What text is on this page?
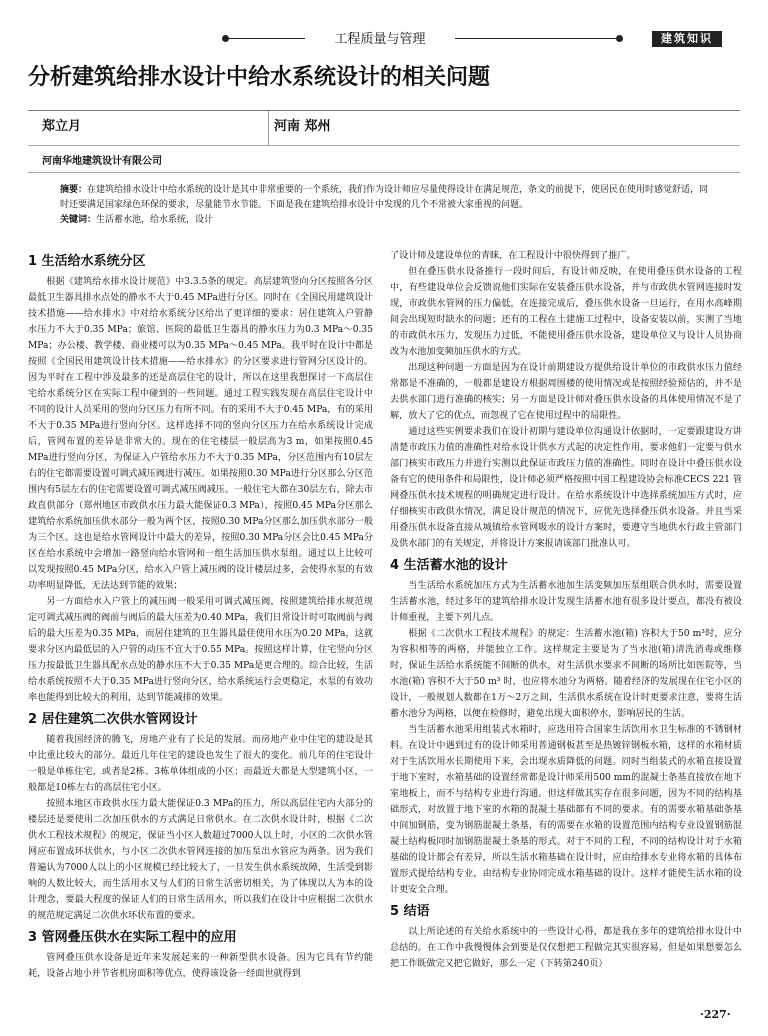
工程质量与管理	建筑知识
分析建筑给排水设计中给水系统设计的相关问题
郑立月	河南 郑州
河南华地建筑设计有限公司
摘要：在建筑给排水设计中给水系统的设计是其中非常重要的一个系统，我们作为设计师应尽量使得设计在满足规范，条文的前提下，使居民在使用时感觉舒适，同时还要满足国家绿色环保的要求，尽量能节水节能。下面是我在建筑给排水设计中发现的几个不常被大家重视的问题。
关键词：生活蓄水池，给水系统，设计
1 生活给水系统分区

根据《建筑给水排水设计规范》中3.3.5条的规定。高层建筑竖向分区按照各分区最低卫生器具排水点处的静水不大于0.45 MPa进行分区。同时在《全国民用建筑设计技术措施——给水排水》中对给水系统分区给出了更详细的要求：居住建筑入户管静水压力不大于0.35 MPa；旅馆、医院的最低卫生器具的静水压力为0.3 MPa～0.35 MPa；办公楼、教学楼、商业楼可以为0.35 MPa～0.45 MPa。我平时在设计中都是按照《全国民用建筑设计技术措施——给水排水》的分区要求进行管网分区设计的。因为平时在工程中涉及最多的还是高层住宅的设计，所以在这里我想探讨一下高层住宅给水系统分区在实际工程中碰到的一些问题。通过工程实践发现在高层住宅设计中不同的设计人员采用的竖向分区压力有所不同。有的采用不大于0.45 MPa，有的采用不大于0.35 MPa进行竖向分区。这样选择不同的竖向分区压力在给水系统设计完成后，管网布置的差异是非常大的。现在的住宅楼层一般层高为3 m，如果按照0.45 MPa进行竖向分区，为保证入户管给水压力不大于0.35 MPa，分区范围内有10层左右的住宅都需要设置可调式减压阀进行减压。如果按照0.30 MPa进行分区那么分区范围内有5层左右的住宅需要设置可调式减压阀减压。一般住宅大都在30层左右，除去市政直供部分（郑州地区市政供水压力最大能保证0.3 MPa），按照0.45 MPa分区那么建筑给水系统加压供水部分一般为两个区，按照0.30 MPa分区那么加压供水部分一般为三个区。这也是给水管网设计中最大的差异，按照0.30 MPa分区会比0.45 MPa分区在给水系统中会增加一路竖向给水管网和一组生活加压供水泵组。通过以上比较可以发现按照0.45 MPa分区，给水入户管上减压阀的设计楼层过多，会使得水泵的有效功率明显降低，无法达到节能的效果；

另一方面给水入户管上的减压阀一般采用可调式减压阀，按照建筑给排水规范规定可调式减压阀的阀前与阀后的最大压差为0.40 MPa，我们日常设计时可取阀前与阀后的最大压差为0.35 MPa，而居住建筑的卫生器具最佳使用水压为0.20 MPa，这就要求分区内最低层的入户管的动压不宜大于0.55 MPa。按照这样计算，住宅竖向分区压力按最低卫生器具配水点处的静水压不大于0.35 MPa是更合理的。综合比较，生活给水系统按照不大于0.35 MPa进行竖向分区，给水系统运行会更稳定，水泵的有效功率也能得到比较大的利用，达到节能减排的效果。

2 居住建筑二次供水管网设计

随着我国经济的腾飞，房地产业有了长足的发展。而房地产业中住宅的建设是其中比重比较大的部分。最近几年住宅的建设也发生了很大的变化。前几年的住宅设计一般是单栋住宅，或者是2栋、3栋单体组成的小区；而最近大都是大型建筑小区，一般都是10栋左右的高层住宅小区。

按照本地区市政供水压力最大能保证0.3 MPa的压力，所以高层住宅内大部分的楼层还是要使用二次加压供水的方式满足日常供水。在二次供水设计时，根据《二次供水工程技术规程》的规定，保证当小区人数超过7000人以上时，小区的二次供水管网应布置成环状供水，与小区二次供水管网连接的加压泵出水管应为两条。因为我们普遍认为7000人以上的小区规模已经比较大了，一旦发生供水系统故障，生活受到影响的人数比较大，而生活用水又与人们的日常生活密切相关，为了体现以人为本的设计理念，要最大程度的保证人们的日常生活用水，所以我们在设计中应根据二次供水的规范规定满足二次供水环状布置的要求。

3 管网叠压供水在实际工程中的应用

管网叠压供水设备是近年来发展起来的一种新型供水设备。因为它具有节约能耗，设备占地小并节省机房面积等优点，使得该设备一经面世就得到

了设计师及建设单位的青睐，在工程设计中很快得到了推广。

但在叠压供水设备推行一段时间后，有设计师反映，在使用叠压供水设备的工程中，有些建设单位会反馈说他们实际在安装叠压供水设备，并与市政供水管网连接时发现，市政供水管网的压力偏低，在连接完成后，叠压供水设备一旦运行，在用水高峰期间会出现短时缺水的问题；还有的工程在土建施工过程中，设备安装以前，实测了当地的市政供水压力，发现压力过低，不能使用叠压供水设备，建设单位又与设计人员协商改为水池加变频加压供水的方式。

出现这种问题一方面是因为在设计前期建设方提供给设计单位的市政供水压力值经常都是不准确的，一般都是建设方根据周围楼的使用情况或是按照经验预估的，并不是去供水部门进行准确的核实；另一方面是设计师对叠压供水设备的具体使用情况不是了解，放大了它的优点，而忽视了它在使用过程中的局限性。

通过这些实例要求我们在设计初期与建设单位沟通设计依据时，一定要跟建设方讲清楚市政压力值的准确性对给水设计供水方式起的决定性作用，要求他们一定要与供水部门核实市政压力并进行实测以此保证市政压力值的准确性。同时在设计中叠压供水设备有它的使用条件和局限性，设计师必须严格按照中国工程建设协会标准CECS 221 管网叠压供水技术规程的明确规定进行设计。在给水系统设计中选择系统加压方式时，应仔细核实市政供水情况，满足设计规范的情况下，应优先选择叠压供水设备。并且当采用叠压供水设备直接从城镇给水管网吸水的设计方案时，要遵守当地供水行政主管部门及供水部门的有关规定，并将设计方案报请该部门批准认可。

4 生活蓄水池的设计

当生活给水系统加压方式为生活蓄水池加生活变频加压泵组联合供水时，需要设置生活蓄水池，经过多年的建筑给排水设计发现生活蓄水池有很多设计要点，都没有被设计师重视，主要下列几点。

根据《二次供水工程技术规程》的规定：生活蓄水池(箱) 容积大于50 m³时，应分为容积相等的两格，并能独立工作。这样规定主要是为了当水池(箱)清洗消毒或维修时，保证生活给水系统能不间断的供水，对生活供水要求不间断的场所比如医院等，当水池(箱) 容积不大于50 m³ 时，也应将水池分为两格。随着经济的发展现在住宅小区的设计，一般规划人数都在1万～2万之间，生活供水系统在设计时更要求注意，要将生活蓄水池分为两格，以便在检修时，避免出现大面积停水，影响居民的生活。

当生活蓄水池采用组装式水箱时，应选用符合国家生活饮用水卫生标准的不锈钢材料。在设计中遇到过有的设计师采用普通钢板甚至是热镀锌钢板水箱，这样的水箱材质对于生活饮用水长期使用下来，会出现水质降低的问题。同时当组装式的水箱直接设置于地下室时，水箱基础的设置经常都是设计师采用500 mm的混凝土条基直接放在地下室地板上，而不与结构专业进行沟通。但这样做其实存在很多问题，因为不同的结构基础形式，对放置于地下室的水箱的混凝土基础都有不同的要求。有的需要水箱基础条基中间加钢筋，变为钢筋混凝土条基，有的需要在水箱的设置范围内结构专业设置钢筋混凝土结构板同时加钢筋混凝土条基的形式。对于不同的工程，不同的结构设计对于水箱基础的设计都会有差异，所以生活水箱基础在设计时，应由给排水专业将水箱的具体布置形式提给结构专业，由结构专业协同完成水箱基础的设计。这样才能使生活水箱的设计更安全合理。

5 结语

以上所论述的有关给水系统中的一些设计心得，都是我在多年的建筑给排水设计中总结的。在工作中我慢慢体会到要是仅仅想把工程做完其实很容易，但是如果想要怎么把工作既做完又把它做好，那么一定（下转第240页）

·227·
